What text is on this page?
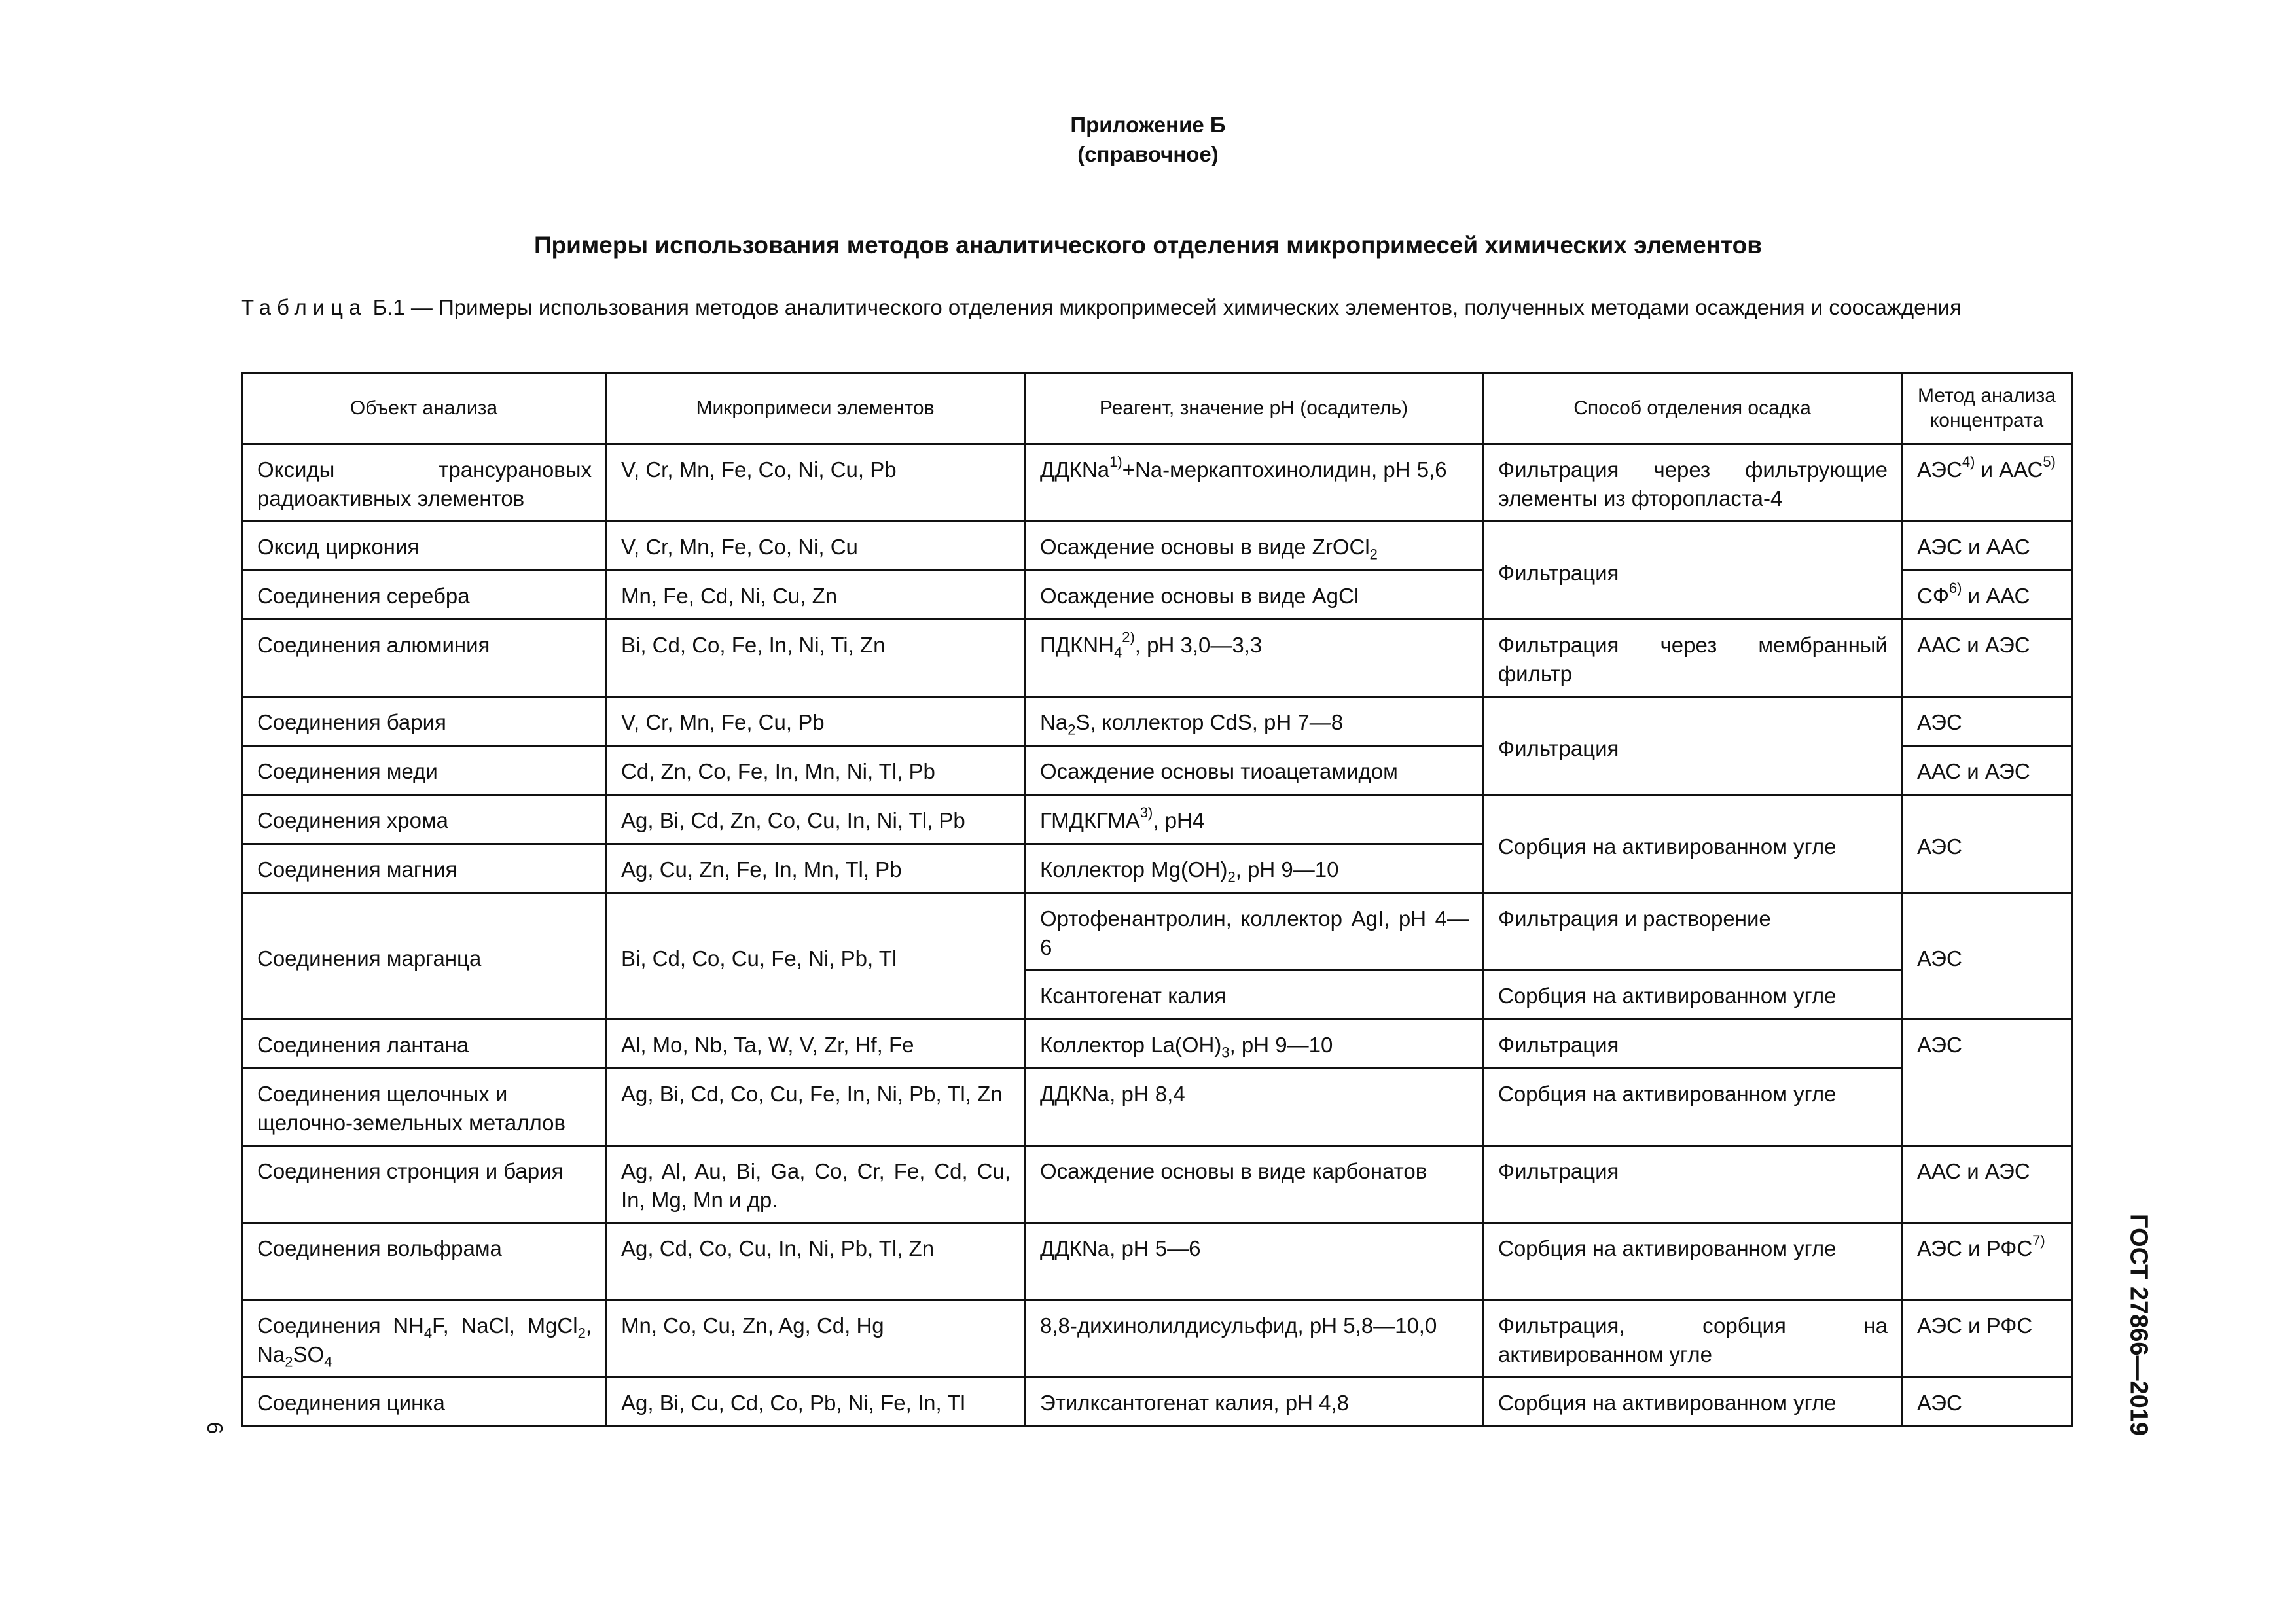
Приложение Б
(справочное)
Примеры использования методов аналитического отделения микропримесей химических элементов
Таблица Б.1 — Примеры использования методов аналитического отделения микропримесей химических элементов, полученных методами осаждения и соосаждения
Объект анализа	Микропримеси элементов	Реагент, значение pH (осадитель)	Способ отделения осадка	Метод анализа концентрата
Оксиды трансурановых радиоактивных элементов	V, Cr, Mn, Fe, Co, Ni, Cu, Pb	ДДКNa$^{1)}$+Na-меркаптохинолидин, рН 5,6	Фильтрация через фильтрующие элементы из фторопласта-4	АЭС$^{4)}$ и ААС$^{5)}$
Оксид циркония	V, Cr, Mn, Fe, Co, Ni, Cu	Осаждение основы в виде ZrOCl$_2$	Фильтрация	АЭС и ААС
Соединения серебра	Mn, Fe, Cd, Ni, Cu, Zn	Осаждение основы в виде AgCl		СФ$^{6)}$ и ААС
Соединения алюминия	Bi, Cd, Co, Fe, In, Ni, Ti, Zn	$ПДКNH_4^{2)}$, рН 3,0—3,3	Фильтрация через мембранный фильтр	ААС и АЭС
Соединения бария	V, Cr, Mn, Fe, Cu, Pb	$Na_2S$, коллектор CdS, рН 7—8	Фильтрация	АЭС
Соединения меди	Cd, Zn, Co, Fe, In, Mn, Ni, Tl, Pb	Осаждение основы тиоацетамидом		ААС и АЭС
Соединения хрома	Ag, Bi, Cd, Zn, Co, Cu, In, Ni, Tl, Pb	ГМДКГМА$^{3)}$, рН4	Сорбция на активированном угле	АЭС
Соединения магния	Ag, Cu, Zn, Fe, In, Mn, Tl, Pb	Коллектор $Mg(OH)_2$, рН 9—10		
Соединения марганца	Bi, Cd, Co, Cu, Fe, Ni, Pb, Tl	Ортофенантролин, коллектор AgI, рН 4—6	Фильтрация и растворение	АЭС
		Ксантогенат калия	Сорбция на активированном угле	
Соединения лантана	Al, Mo, Nb, Ta, W, V, Zr, Hf, Fe	Коллектор $La(OH)_3$, рН 9—10	Фильтрация	АЭС
Соединения щелочных и щелочно-земельных металлов	Ag, Bi, Cd, Co, Cu, Fe, In, Ni, Pb, Tl, Zn	ДДКNa, рН 8,4	Сорбция на активированном угле	
Соединения стронция и бария	Ag, Al, Au, Bi, Ga, Co, Cr, Fe, Cd, Cu, In, Mg, Mn и др.	Осаждение основы в виде карбонатов	Фильтрация	ААС и АЭС
Соединения вольфрама	Ag, Cd, Co, Cu, In, Ni, Pb, Tl, Zn	ДДКNa, рН 5—6	Сорбция на активированном угле	АЭС и РФС$^{7)}$
Соединения $NH_4F$, NaCl, MgCl$_2$, $Na_2SO_4$	Mn, Co, Cu, Zn, Ag, Cd, Hg	8,8-дихинолилдисульфид, рН 5,8—10,0	Фильтрация, сорбция на активированном угле	АЭС и РФС
Соединения цинка	Ag, Bi, Cu, Cd, Co, Pb, Ni, Fe, In, Tl	Этилксантогенат калия, рН 4,8	Сорбция на активированном угле	АЭС	ГОСТ 27866—2019
6
